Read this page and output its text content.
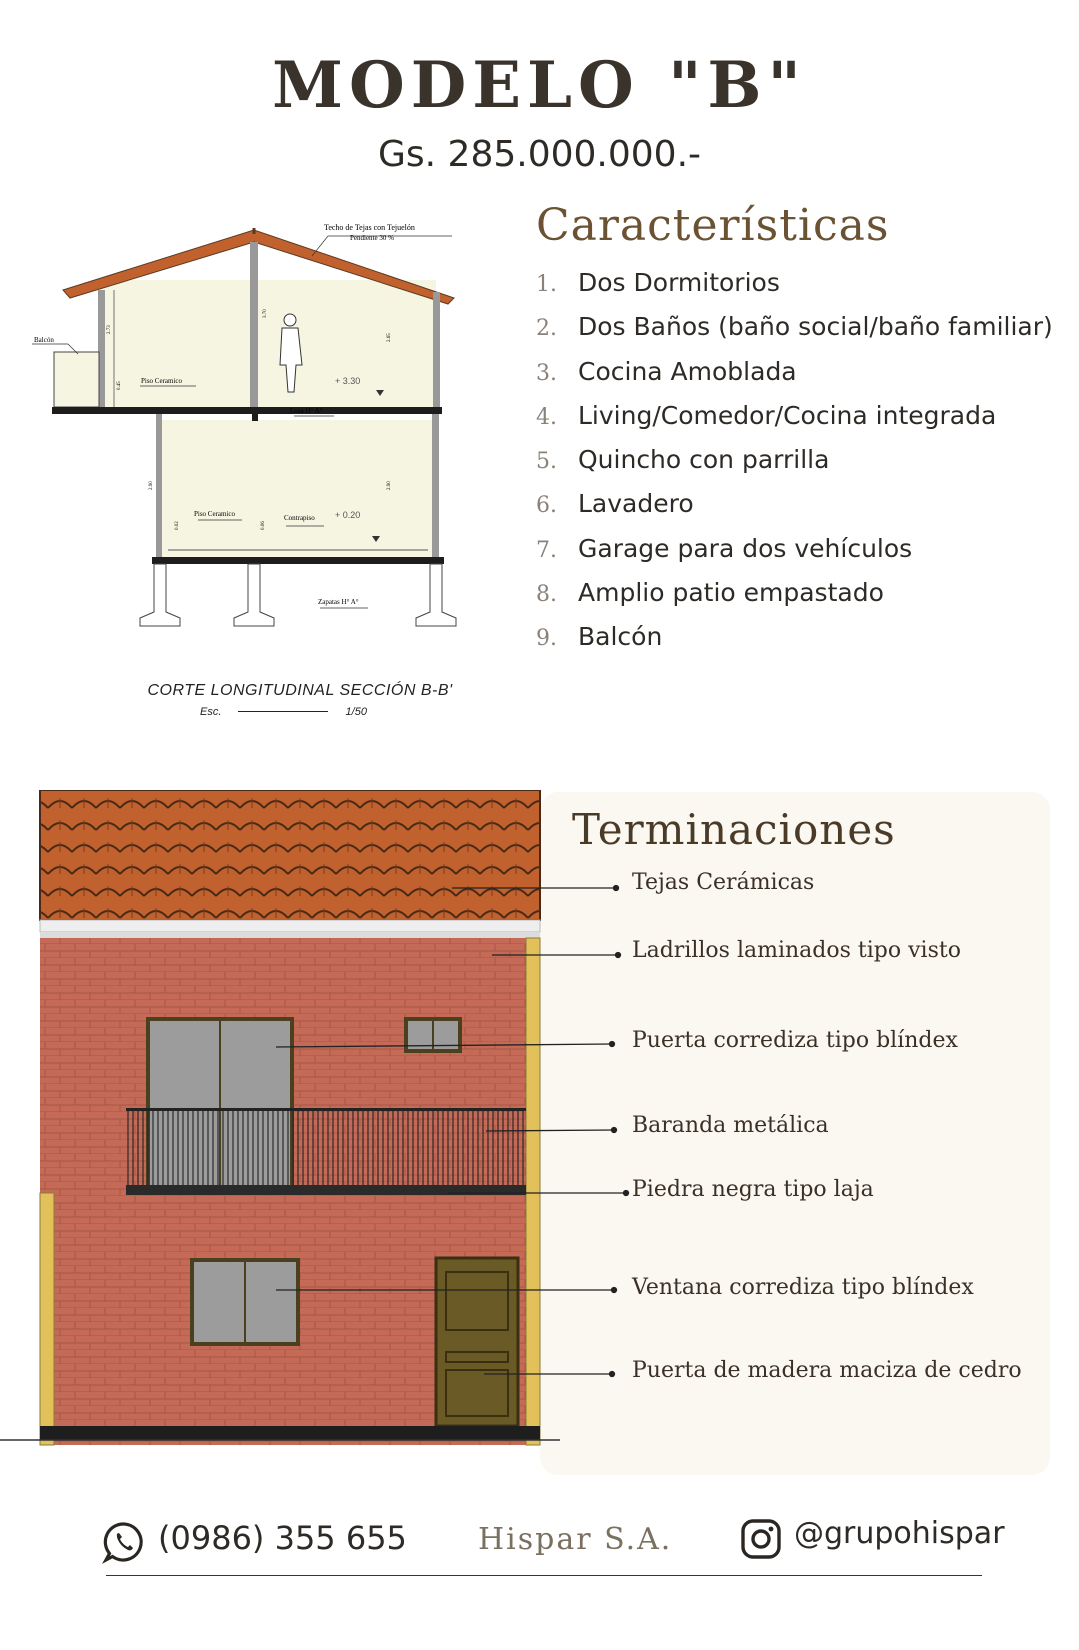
MODELO "B"
Gs. 285.000.000.-
Características
1. Dos Dormitorios
2. Dos Baños (baño social/baño familiar)
3. Cocina Amoblada
4. Living/Comedor/Cocina integrada
5. Quincho con parrilla
6. Lavadero
7. Garage para dos vehículos
8. Amplio patio empastado
9. Balcón
Techo de Tejas con Tejuelón
Pendiente 30 %
Balcón
Piso Ceramico
Losa H° A°
+ 3.30
Piso Ceramico	Contrapiso + 0.20
Zapatas H° A°
2.73
3.70
2.65
2.90	2.90
0.45
0.02	0.06
CORTE LONGITUDINAL SECCIÓN B-B'
Esc.	1/50
Terminaciones
Tejas Cerámicas
Ladrillos laminados tipo visto
Puerta corrediza tipo blíndex
Baranda metálica
Piedra negra tipo laja
Ventana corrediza tipo blíndex
Puerta de madera maciza de cedro
(0986) 355 655 Hispar S.A.	@grupohispar
